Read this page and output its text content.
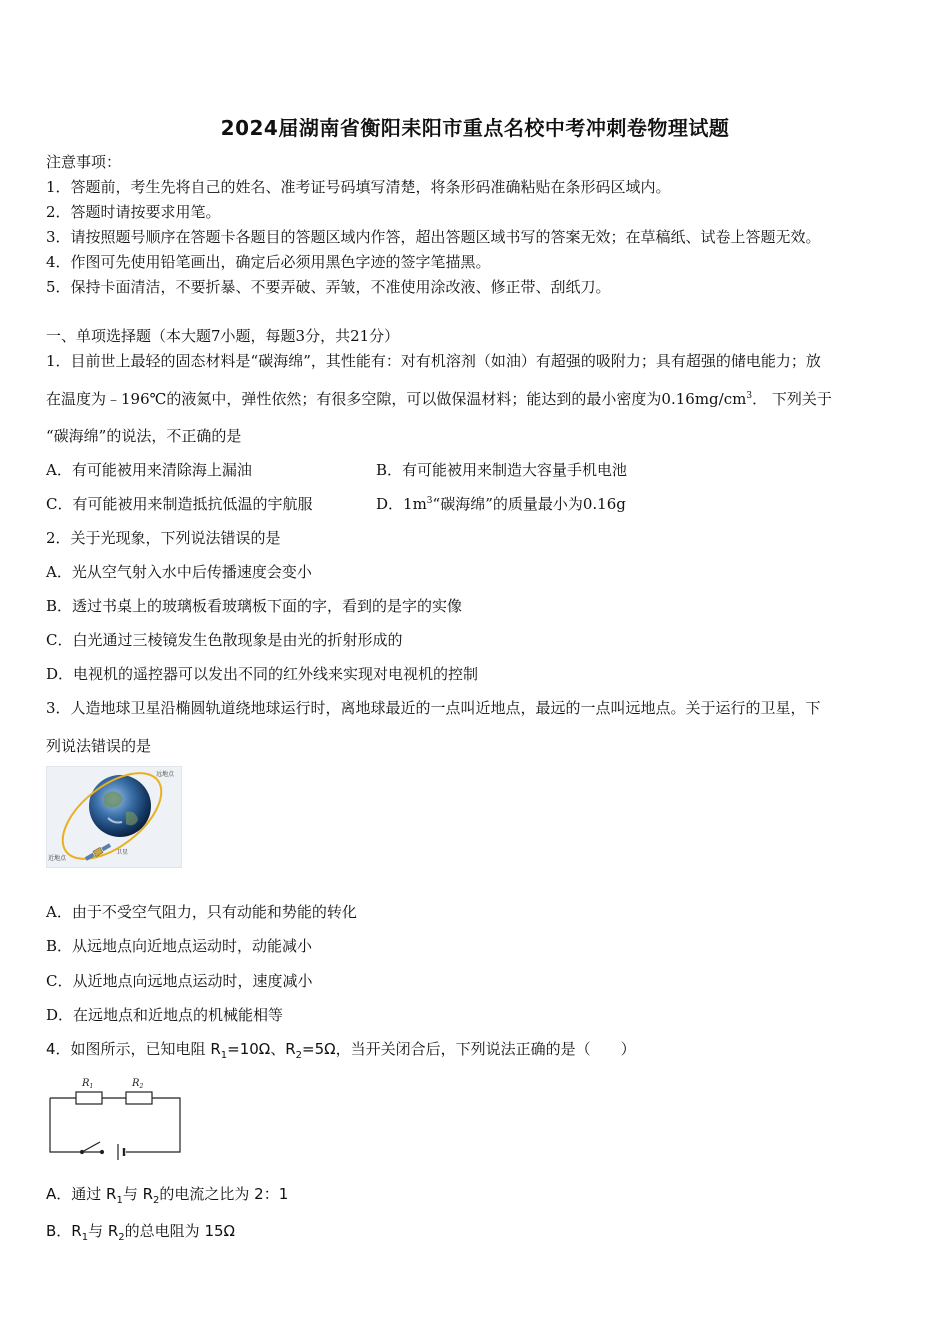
2024届湖南省衡阳耒阳市重点名校中考冲刺卷物理试题
注意事项：
1．答题前，考生先将自己的姓名、准考证号码填写清楚，将条形码准确粘贴在条形码区域内。
2．答题时请按要求用笔。
3．请按照题号顺序在答题卡各题目的答题区域内作答，超出答题区域书写的答案无效；在草稿纸、试卷上答题无效。
4．作图可先使用铅笔画出，确定后必须用黑色字迹的签字笔描黑。
5．保持卡面清洁，不要折暴、不要弄破、弄皱，不准使用涂改液、修正带、刮纸刀。
一、单项选择题（本大题7小题，每题3分，共21分）
1．目前世上最轻的固态材料是“碳海绵”，其性能有：对有机溶剂（如油）有超强的吸附力；具有超强的储电能力；放
在温度为﹣196℃的液氮中，弹性依然；有很多空隙，可以做保温材料；能达到的最小密度为$0.16mg/cm^3$． 下列关于
“碳海绵”的说法，不正确的是
A．有可能被用来清除海上漏油	B．有可能被用来制造大容量手机电池
C．有可能被用来制造抵抗低温的宇航服	D．$1m^3“$碳海绵”的质量最小为0.16g
2．关于光现象，下列说法错误的是
A．光从空气射入水中后传播速度会变小
B．透过书桌上的玻璃板看玻璃板下面的字，看到的是字的实像
C．白光通过三棱镜发生色散现象是由光的折射形成的
D．电视机的遥控器可以发出不同的红外线来实现对电视机的控制
3．人造地球卫星沿椭圆轨道绕地球运行时，离地球最近的一点叫近地点，最远的一点叫远地点。关于运行的卫星，下
列说法错误的是
远地点
近地点
卫星
A．由于不受空气阻力，只有动能和势能的转化
B．从远地点向近地点运动时，动能减小
C．从近地点向远地点运动时，速度减小
D．在远地点和近地点的机械能相等
4．如图所示，已知电阻 $R_1=10\Omega$、$R_2=5\Omega$，当开关闭合后，下列说法正确的是（　　）
$R_1$	$R_2$
A．通过 $R_1$与 $R_2$的电流之比为 2：1
B．$R_1$与 $R_2$的总电阻为 15Ω
